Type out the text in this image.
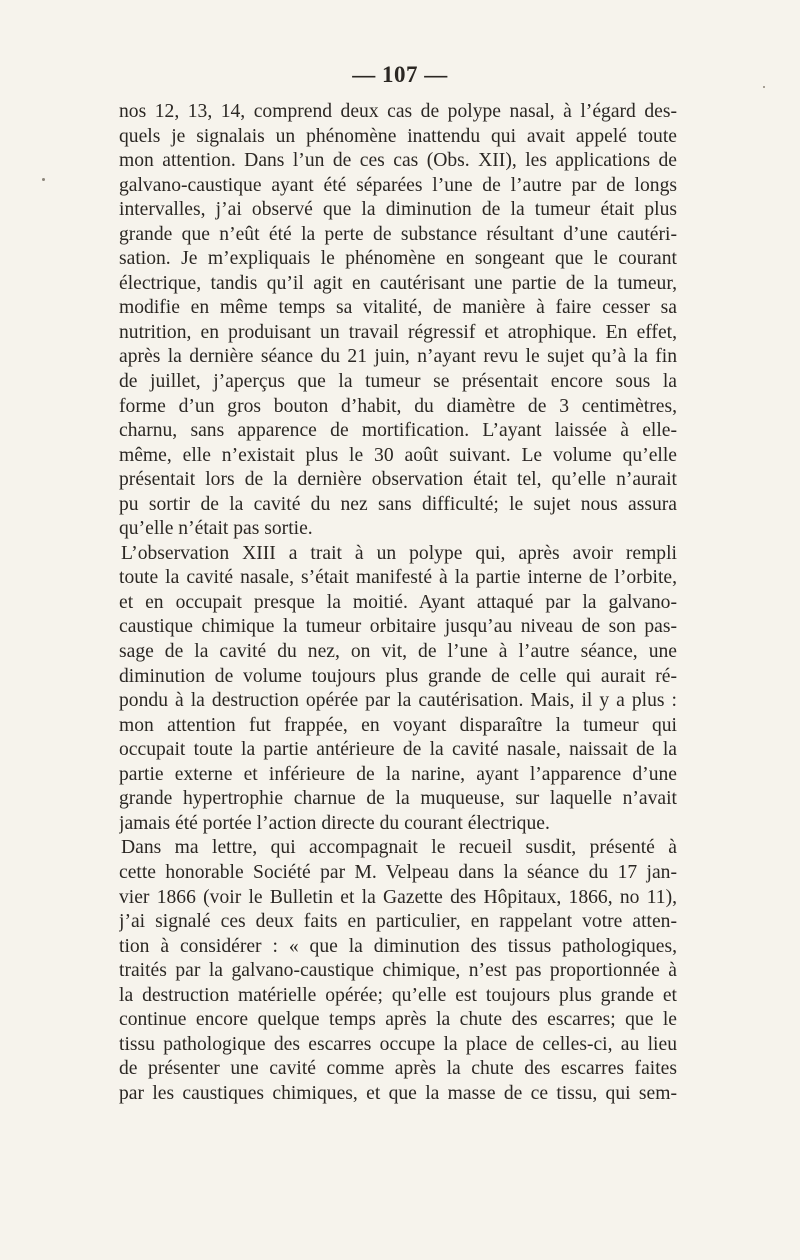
— 107 —
nos 12, 13, 14, comprend deux cas de polype nasal, à l’égard des-
quels je signalais un phénomène inattendu qui avait appelé toute
mon attention. Dans l’un de ces cas (Obs. XII), les applications de
galvano-caustique ayant été séparées l’une de l’autre par de longs
intervalles, j’ai observé que la diminution de la tumeur était plus
grande que n’eût été la perte de substance résultant d’une cautéri-
sation. Je m’expliquais le phénomène en songeant que le courant
électrique, tandis qu’il agit en cautérisant une partie de la tumeur,
modifie en même temps sa vitalité, de manière à faire cesser sa
nutrition, en produisant un travail régressif et atrophique. En effet,
après la dernière séance du 21 juin, n’ayant revu le sujet qu’à la fin
de juillet, j’aperçus que la tumeur se présentait encore sous la
forme d’un gros bouton d’habit, du diamètre de 3 centimètres,
charnu, sans apparence de mortification. L’ayant laissée à elle-
même, elle n’existait plus le 30 août suivant. Le volume qu’elle
présentait lors de la dernière observation était tel, qu’elle n’aurait
pu sortir de la cavité du nez sans difficulté; le sujet nous assura
qu’elle n’était pas sortie.
L’observation XIII a trait à un polype qui, après avoir rempli
toute la cavité nasale, s’était manifesté à la partie interne de l’orbite,
et en occupait presque la moitié. Ayant attaqué par la galvano-
caustique chimique la tumeur orbitaire jusqu’au niveau de son pas-
sage de la cavité du nez, on vit, de l’une à l’autre séance, une
diminution de volume toujours plus grande de celle qui aurait ré-
pondu à la destruction opérée par la cautérisation. Mais, il y a plus :
mon attention fut frappée, en voyant disparaître la tumeur qui
occupait toute la partie antérieure de la cavité nasale, naissait de la
partie externe et inférieure de la narine, ayant l’apparence d’une
grande hypertrophie charnue de la muqueuse, sur laquelle n’avait
jamais été portée l’action directe du courant électrique.
Dans ma lettre, qui accompagnait le recueil susdit, présenté à
cette honorable Société par M. Velpeau dans la séance du 17 jan-
vier 1866 (voir le Bulletin et la Gazette des Hôpitaux, 1866, no 11),
j’ai signalé ces deux faits en particulier, en rappelant votre atten-
tion à considérer : « que la diminution des tissus pathologiques,
traités par la galvano-caustique chimique, n’est pas proportionnée à
la destruction matérielle opérée; qu’elle est toujours plus grande et
continue encore quelque temps après la chute des escarres; que le
tissu pathologique des escarres occupe la place de celles-ci, au lieu
de présenter une cavité comme après la chute des escarres faites
par les caustiques chimiques, et que la masse de ce tissu, qui sem-
